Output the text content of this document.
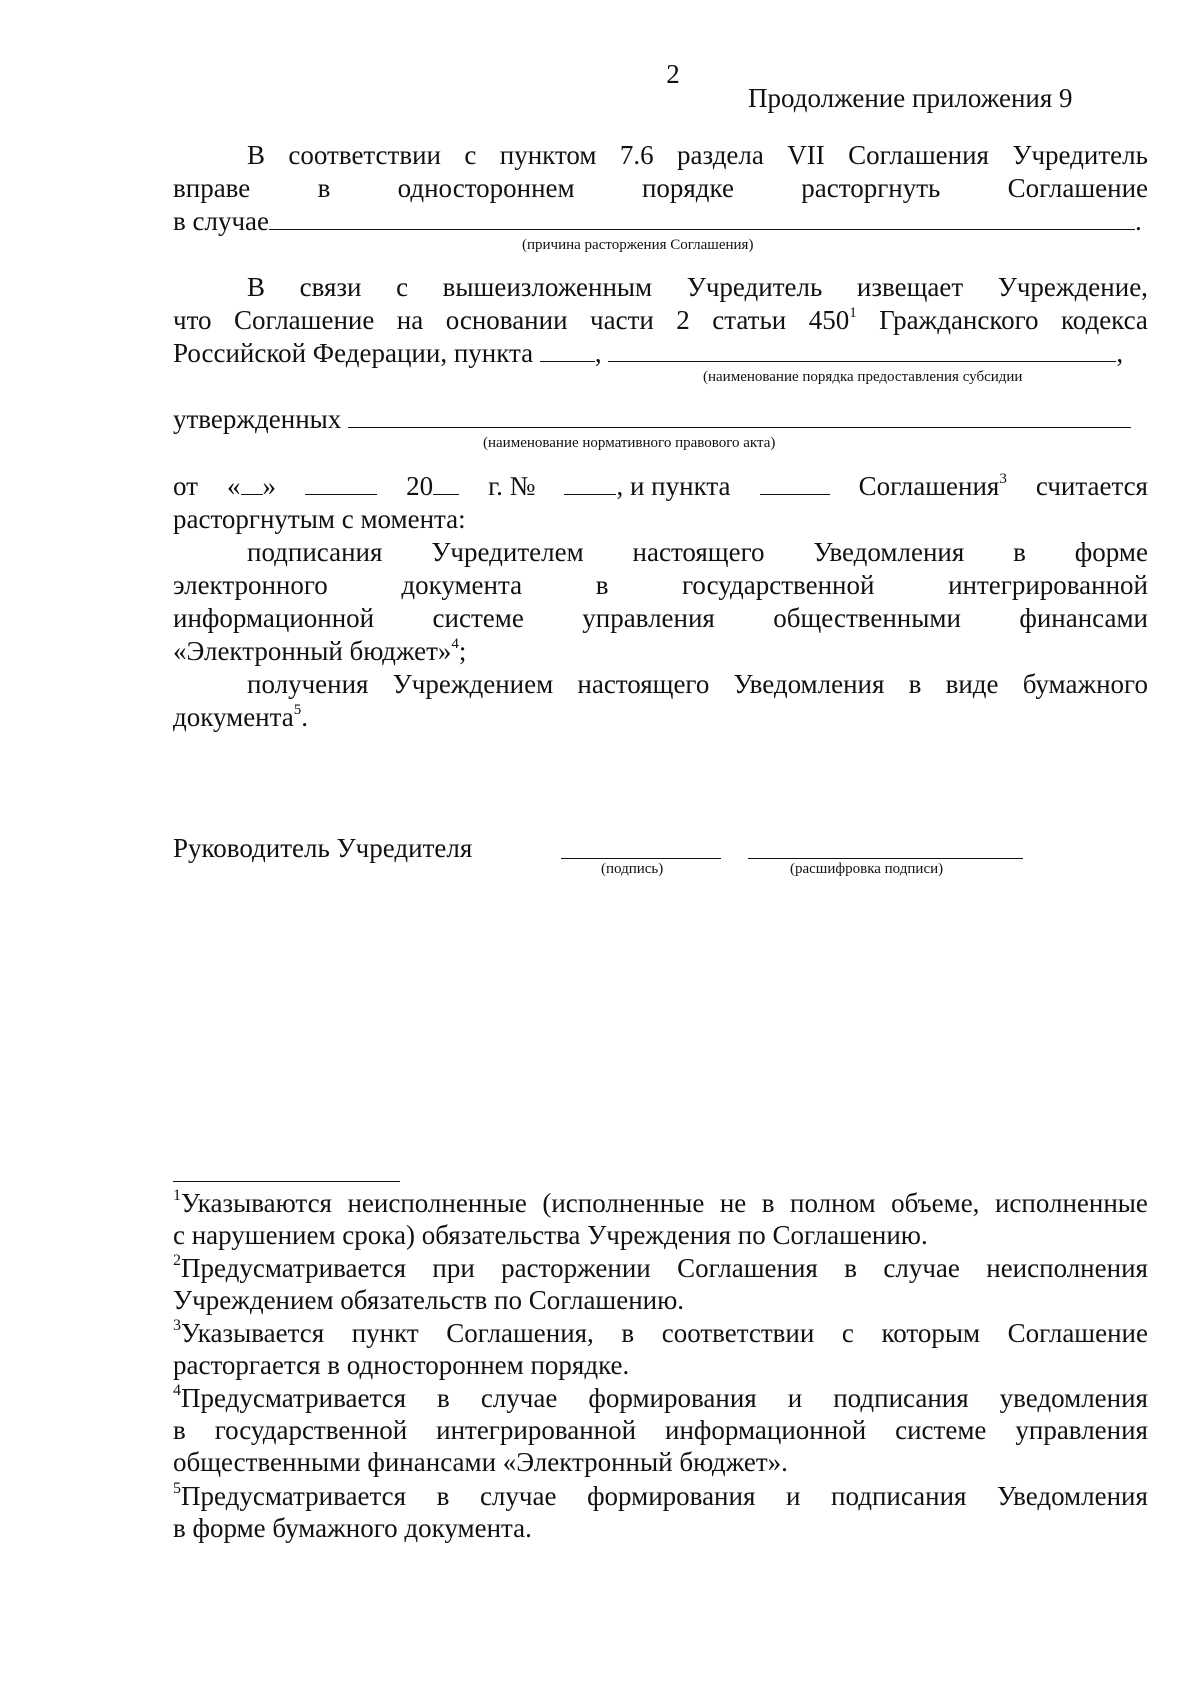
2
Продолжение приложения 9
В соответствии с пунктом 7.6 раздела VII Соглашения Учредитель
вправе в одностороннем порядке расторгнуть Соглашение
в случае	.
(причина расторжения Соглашения)
В связи с вышеизложенным Учредитель извещает Учреждение,
что Соглашение на основании части 2 статьи $450^1$ Гражданского кодекса
Российской Федерации, пункта ,	,
(наименование порядка предоставления субсидии
утвержденных
(наименование нормативного правового акта)
от « »	20	г. №	, и пункта	Соглашения$^3$ считается
расторгнутым с момента:
подписания Учредителем настоящего Уведомления в форме
электронного	документа	в	государственной	интегрированной
информационной системе управления общественными финансами
«Электронный бюджет»$^4$;
получения Учреждением настоящего Уведомления в виде бумажного
документа$^5$.
Руководитель Учредителя
(подпись)	(расшифровка подписи)
$^1$Указываются неисполненные (исполненные не в полном объеме, исполненные
с нарушением срока) обязательства Учреждения по Соглашению.
$^2$Предусматривается при расторжении Соглашения в случае неисполнения
Учреждением обязательств по Соглашению.
$^3$Указывается пункт Соглашения, в соответствии с которым Соглашение
расторгается в одностороннем порядке.
$^4$Предусматривается в случае формирования и подписания уведомления
в государственной интегрированной информационной системе управления
общественными финансами «Электронный бюджет».
$^5$Предусматривается в случае формирования и подписания Уведомления
в форме бумажного документа.
